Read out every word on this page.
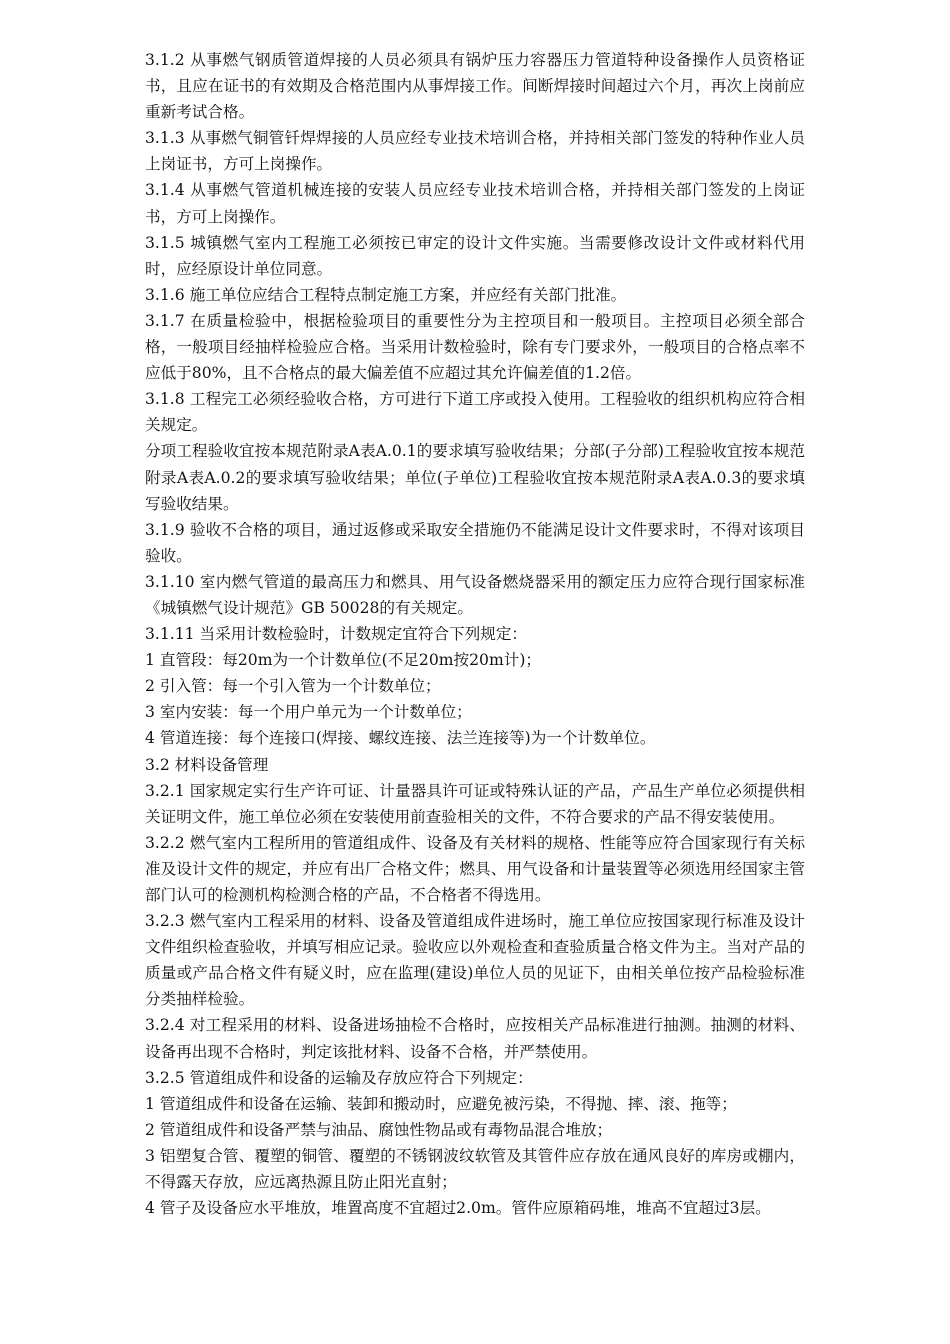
3.1.2 从事燃气钢质管道焊接的人员必须具有锅炉压力容器压力管道特种设备操作人员资格证书，且应在证书的有效期及合格范围内从事焊接工作。间断焊接时间超过六个月，再次上岗前应重新考试合格。

3.1.3 从事燃气铜管钎焊焊接的人员应经专业技术培训合格，并持相关部门签发的特种作业人员上岗证书，方可上岗操作。

3.1.4 从事燃气管道机械连接的安装人员应经专业技术培训合格，并持相关部门签发的上岗证书，方可上岗操作。

3.1.5 城镇燃气室内工程施工必须按已审定的设计文件实施。当需要修改设计文件或材料代用时，应经原设计单位同意。

3.1.6 施工单位应结合工程特点制定施工方案，并应经有关部门批准。

3.1.7 在质量检验中，根据检验项目的重要性分为主控项目和一般项目。主控项目必须全部合格，一般项目经抽样检验应合格。当采用计数检验时，除有专门要求外，一般项目的合格点率不应低于80%，且不合格点的最大偏差值不应超过其允许偏差值的1.2倍。

3.1.8 工程完工必须经验收合格，方可进行下道工序或投入使用。工程验收的组织机构应符合相关规定。

分项工程验收宜按本规范附录A表A.0.1的要求填写验收结果；分部(子分部)工程验收宜按本规范附录A表A.0.2的要求填写验收结果；单位(子单位)工程验收宜按本规范附录A表A.0.3的要求填写验收结果。

3.1.9 验收不合格的项目，通过返修或采取安全措施仍不能满足设计文件要求时，不得对该项目验收。

3.1.10 室内燃气管道的最高压力和燃具、用气设备燃烧器采用的额定压力应符合现行国家标准《城镇燃气设计规范》GB 50028的有关规定。

3.1.11 当采用计数检验时，计数规定宜符合下列规定：

1 直管段：每20m为一个计数单位(不足20m按20m计)；

2 引入管：每一个引入管为一个计数单位；

3 室内安装：每一个用户单元为一个计数单位；

4 管道连接：每个连接口(焊接、螺纹连接、法兰连接等)为一个计数单位。

3.2 材料设备管理

3.2.1 国家规定实行生产许可证、计量器具许可证或特殊认证的产品，产品生产单位必须提供相关证明文件，施工单位必须在安装使用前查验相关的文件，不符合要求的产品不得安装使用。

3.2.2 燃气室内工程所用的管道组成件、设备及有关材料的规格、性能等应符合国家现行有关标准及设计文件的规定，并应有出厂合格文件；燃具、用气设备和计量装置等必须选用经国家主管部门认可的检测机构检测合格的产品，不合格者不得选用。

3.2.3 燃气室内工程采用的材料、设备及管道组成件进场时，施工单位应按国家现行标准及设计文件组织检查验收，并填写相应记录。验收应以外观检查和查验质量合格文件为主。当对产品的质量或产品合格文件有疑义时，应在监理(建设)单位人员的见证下，由相关单位按产品检验标准分类抽样检验。

3.2.4 对工程采用的材料、设备进场抽检不合格时，应按相关产品标准进行抽测。抽测的材料、设备再出现不合格时，判定该批材料、设备不合格，并严禁使用。

3.2.5 管道组成件和设备的运输及存放应符合下列规定：

1 管道组成件和设备在运输、装卸和搬动时，应避免被污染，不得抛、摔、滚、拖等；

2 管道组成件和设备严禁与油品、腐蚀性物品或有毒物品混合堆放；

3 铝塑复合管、覆塑的铜管、覆塑的不锈钢波纹软管及其管件应存放在通风良好的库房或棚内，不得露天存放，应远离热源且防止阳光直射；

4 管子及设备应水平堆放，堆置高度不宜超过2.0m。管件应原箱码堆，堆高不宜超过3层。
